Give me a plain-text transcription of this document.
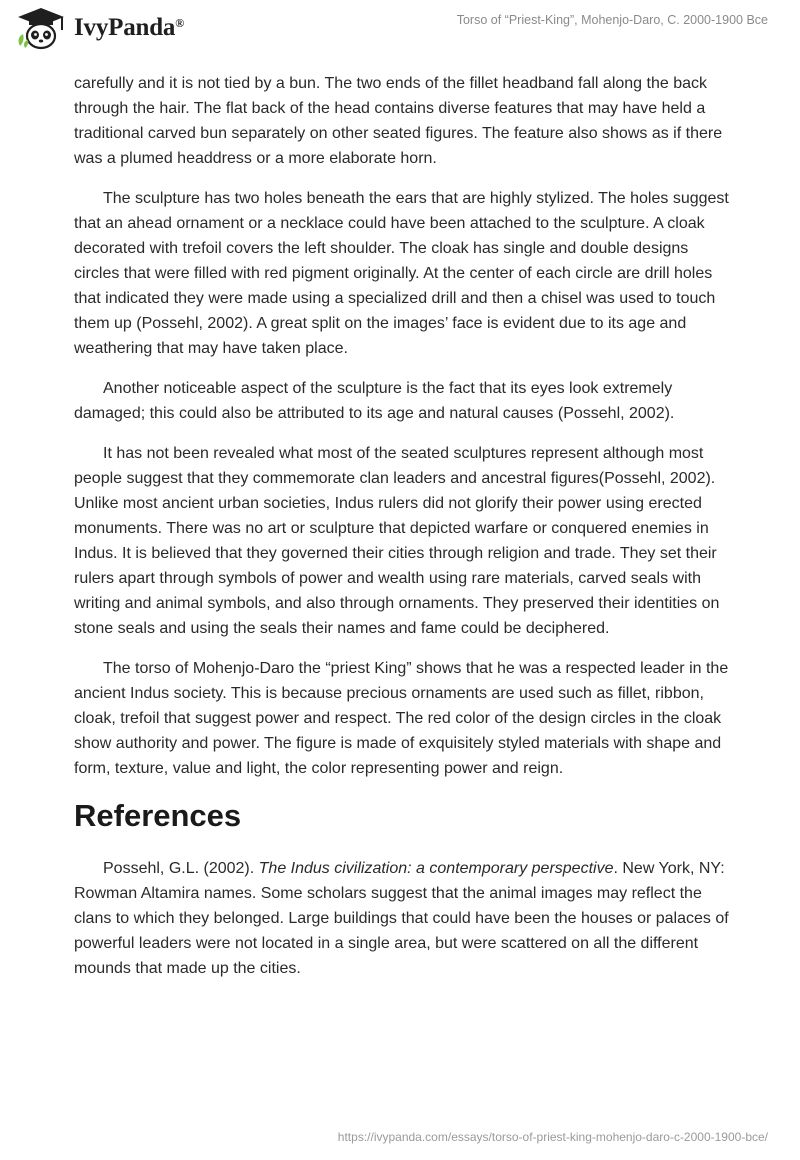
IvyPanda®	Torso of “Priest-King”, Mohenjo-Daro, C. 2000-1900 Bce

carefully and it is not tied by a bun. The two ends of the fillet headband fall along the back through the hair. The flat back of the head contains diverse features that may have held a traditional carved bun separately on other seated figures. The feature also shows as if there was a plumed headdress or a more elaborate horn.

The sculpture has two holes beneath the ears that are highly stylized. The holes suggest that an ahead ornament or a necklace could have been attached to the sculpture. A cloak decorated with trefoil covers the left shoulder. The cloak has single and double designs circles that were filled with red pigment originally. At the center of each circle are drill holes that indicated they were made using a specialized drill and then a chisel was used to touch them up (Possehl, 2002). A great split on the images’ face is evident due to its age and weathering that may have taken place.

Another noticeable aspect of the sculpture is the fact that its eyes look extremely damaged; this could also be attributed to its age and natural causes (Possehl, 2002).

It has not been revealed what most of the seated sculptures represent although most people suggest that they commemorate clan leaders and ancestral figures(Possehl, 2002). Unlike most ancient urban societies, Indus rulers did not glorify their power using erected monuments. There was no art or sculpture that depicted warfare or conquered enemies in Indus. It is believed that they governed their cities through religion and trade. They set their rulers apart through symbols of power and wealth using rare materials, carved seals with writing and animal symbols, and also through ornaments. They preserved their identities on stone seals and using the seals their names and fame could be deciphered.

The torso of Mohenjo-Daro the “priest King” shows that he was a respected leader in the ancient Indus society. This is because precious ornaments are used such as fillet, ribbon, cloak, trefoil that suggest power and respect. The red color of the design circles in the cloak show authority and power. The figure is made of exquisitely styled materials with shape and form, texture, value and light, the color representing power and reign.

References

Possehl, G.L. (2002). The Indus civilization: a contemporary perspective. New York, NY: Rowman Altamira names. Some scholars suggest that the animal images may reflect the clans to which they belonged. Large buildings that could have been the houses or palaces of powerful leaders were not located in a single area, but were scattered on all the different mounds that made up the cities.

https://ivypanda.com/essays/torso-of-priest-king-mohenjo-daro-c-2000-1900-bce/
